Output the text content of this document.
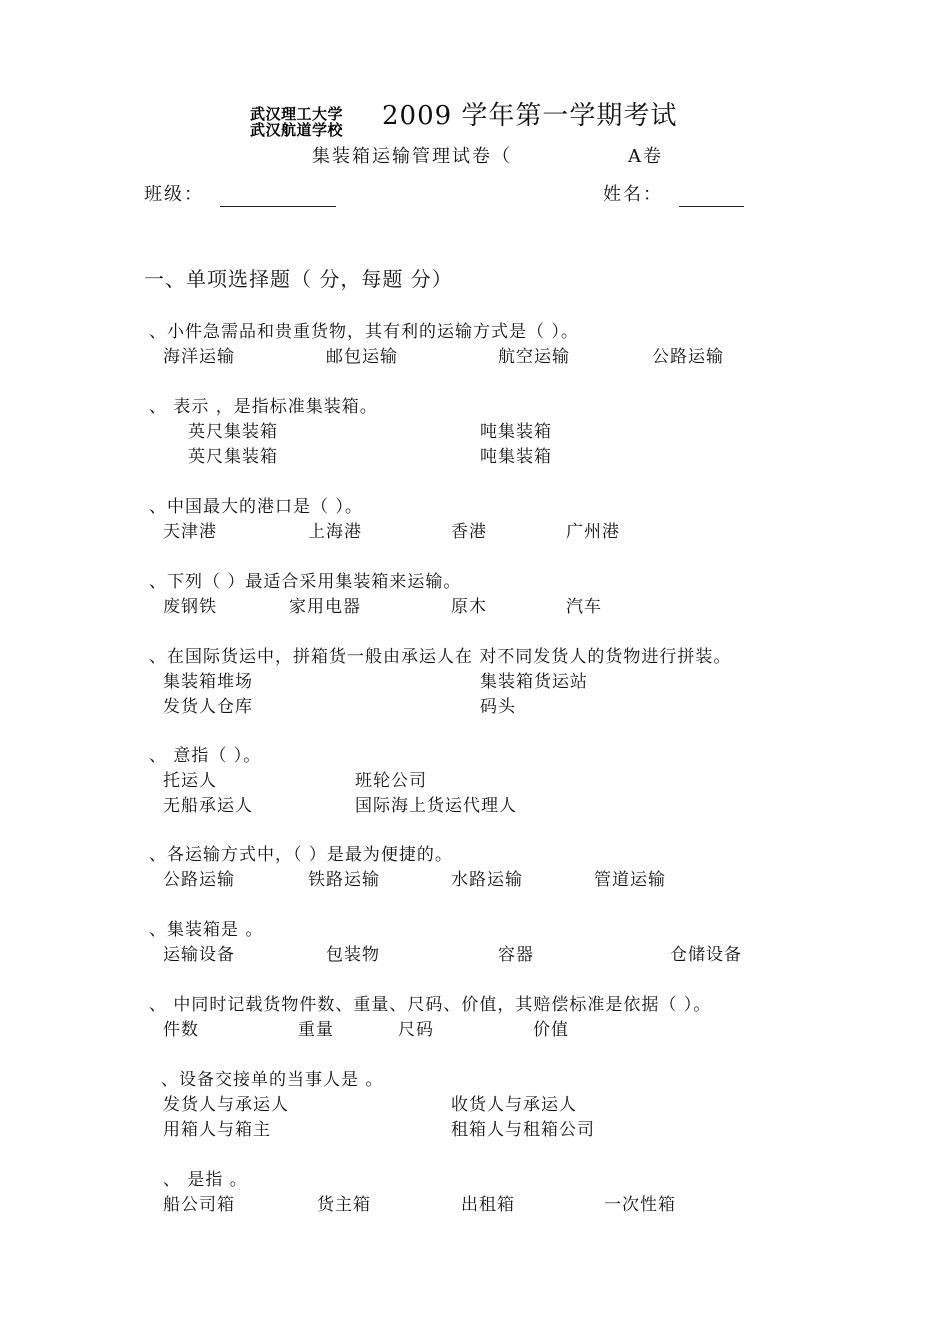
武汉理工大学
武汉航道学校 2009 学年第一学期考试
集装箱运输管理试卷（	A卷
班级：	姓名：
一、单项选择题（ 分，每题 分）
、小件急需品和贵重货物，其有利的运输方式是（ ）。
海洋运输	邮包运输	航空运输	公路运输
、 表示 ，是指标准集装箱。
英尺集装箱	吨集装箱
英尺集装箱	吨集装箱
、中国最大的港口是（ ）。
天津港	上海港	香港	广州港
、下列（ ）最适合采用集装箱来运输。
废钢铁	家用电器	原木	汽车
、在国际货运中，拼箱货一般由承运人在 对不同发货人的货物进行拼装。
集装箱堆场	集装箱货运站
发货人仓库	码头
、 意指（ ）。
托运人	班轮公司
无船承运人	国际海上货运代理人
、各运输方式中，（ ）是最为便捷的。
公路运输	铁路运输	水路运输	管道运输
、集装箱是 。
运输设备	包装物	容器	仓储设备
、 中同时记载货物件数、重量、尺码、价值，其赔偿标准是依据（ ）。
件数	重量	尺码	价值
、设备交接单的当事人是 。
发货人与承运人	收货人与承运人
用箱人与箱主	租箱人与租箱公司
、 是指 。
船公司箱	货主箱	出租箱	一次性箱
